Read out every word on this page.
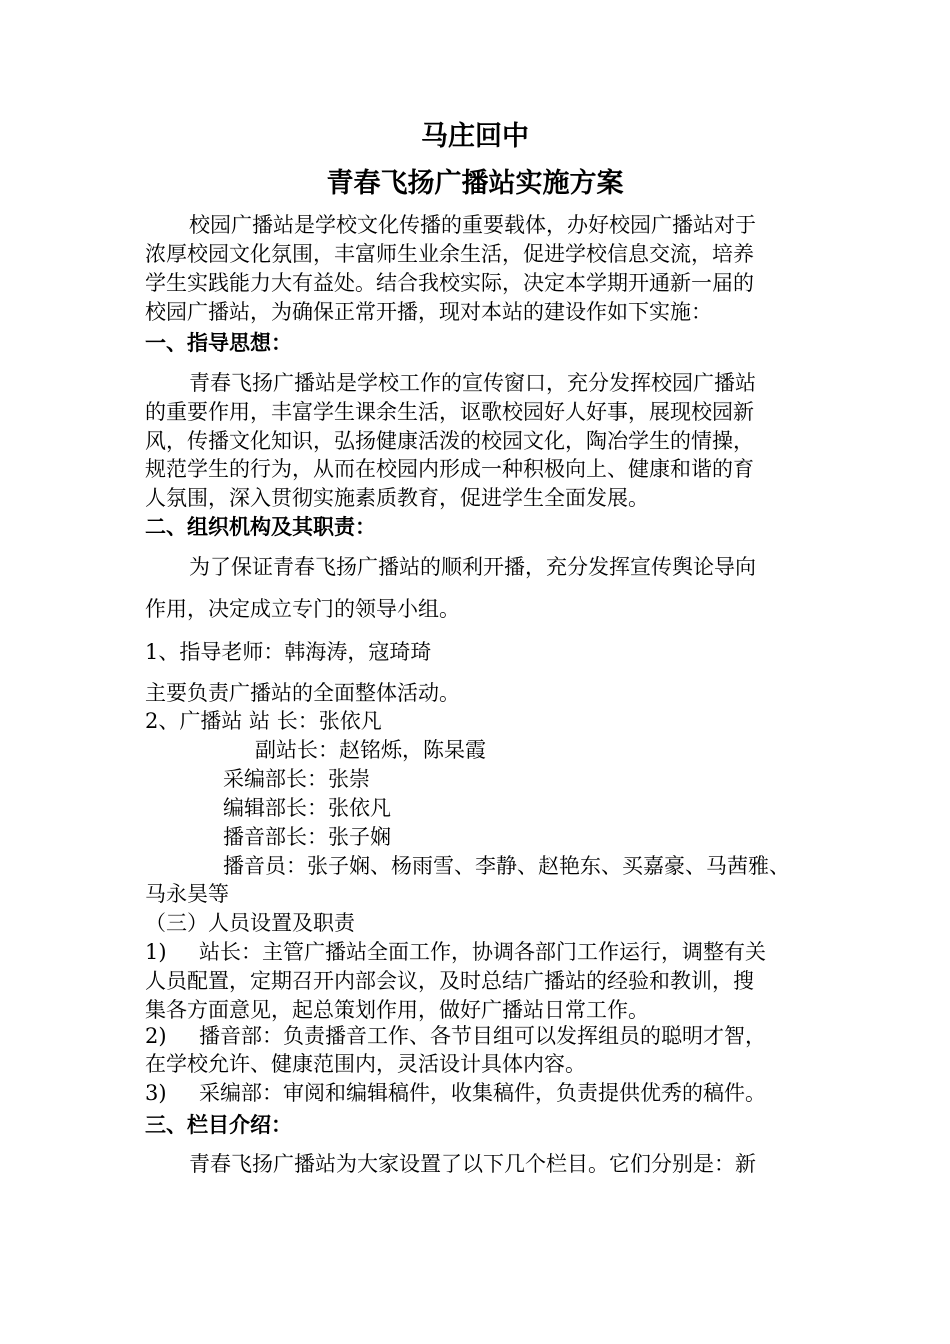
马庄回中
青春飞扬广播站实施方案
校园广播站是学校文化传播的重要载体，办好校园广播站对于
浓厚校园文化氛围，丰富师生业余生活，促进学校信息交流，培养
学生实践能力大有益处。结合我校实际，决定本学期开通新一届的
校园广播站，为确保正常开播，现对本站的建设作如下实施：
一、指导思想：
青春飞扬广播站是学校工作的宣传窗口，充分发挥校园广播站
的重要作用，丰富学生课余生活，讴歌校园好人好事，展现校园新
风，传播文化知识，弘扬健康活泼的校园文化，陶冶学生的情操，
规范学生的行为，从而在校园内形成一种积极向上、健康和谐的育
人氛围，深入贯彻实施素质教育，促进学生全面发展。
二、组织机构及其职责：
为了保证青春飞扬广播站的顺利开播，充分发挥宣传舆论导向
作用，决定成立专门的领导小组。
1、指导老师：韩海涛，寇琦琦
主要负责广播站的全面整体活动。
2、广播站 站 长：张依凡
副站长：赵铭烁，陈杲霞
采编部长：张崇
编辑部长：张依凡
播音部长：张子娴
播音员：张子娴、杨雨雪、李静、赵艳东、买嘉豪、马茜雅、
马永昊等
（三）人员设置及职责
1) 站长：主管广播站全面工作，协调各部门工作运行，调整有关
人员配置，定期召开内部会议，及时总结广播站的经验和教训，搜
集各方面意见，起总策划作用，做好广播站日常工作。
2) 播音部：负责播音工作、各节目组可以发挥组员的聪明才智，
在学校允许、健康范围内，灵活设计具体内容。
3) 采编部：审阅和编辑稿件，收集稿件，负责提供优秀的稿件。
三、栏目介绍：
青春飞扬广播站为大家设置了以下几个栏目。它们分别是：新
